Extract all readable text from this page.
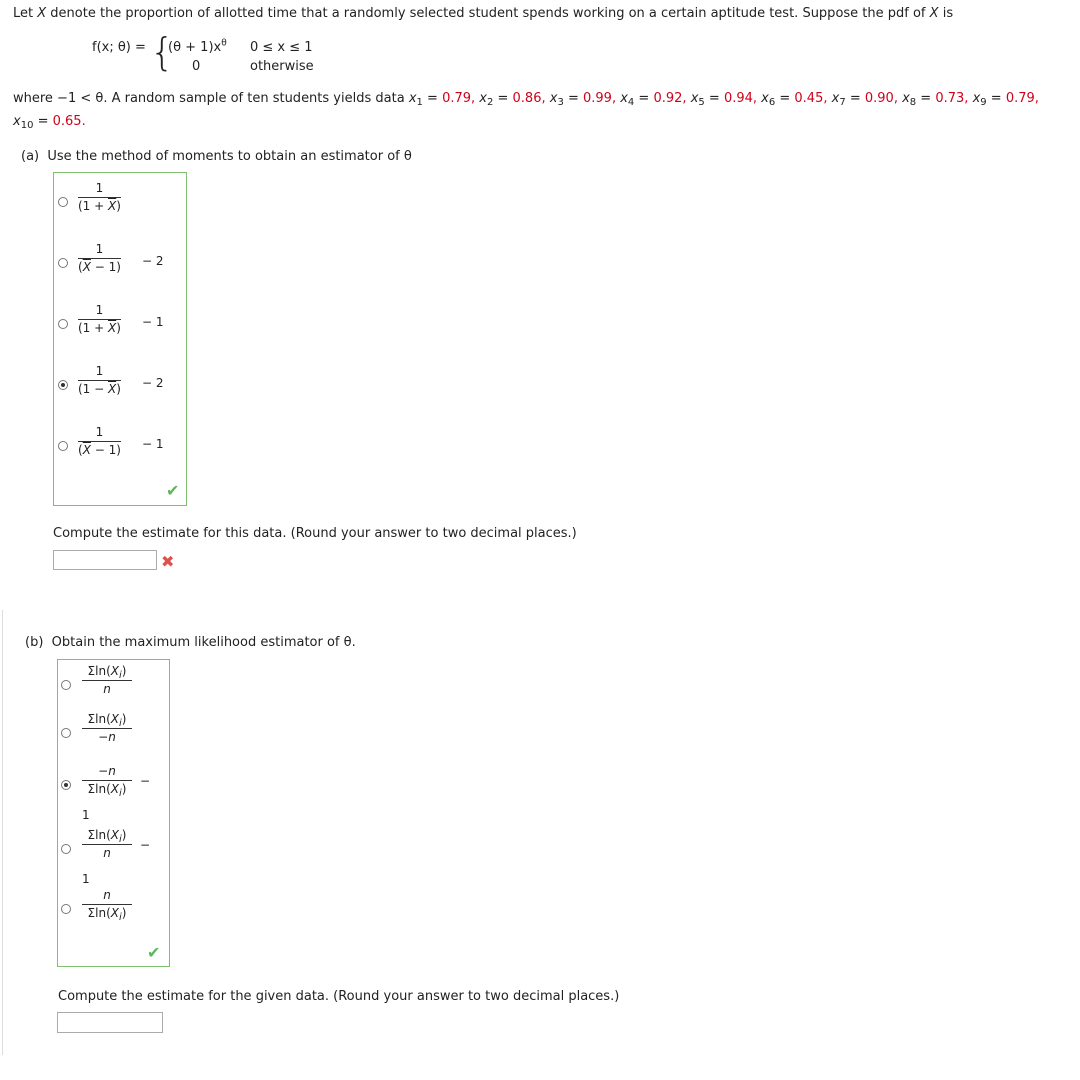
Let X denote the proportion of allotted time that a randomly selected student spends working on a certain aptitude test. Suppose the pdf of X is
f(x; θ) = {
$(\theta + 1)x^\theta$ 0 ≤ x ≤ 1
0	otherwise
where −1 < θ. A random sample of ten students yields data $x_1 = 0.79$, $x_2 = 0.86$, $x_3 = 0.99$, $x_4 = 0.92$, $x_5 = 0.94$, $x_6 = 0.45$, $x_7 = 0.90$, $x_8 = 0.73$, $x_9 = 0.79$,
$x_{10} = 0.65$.
(a) Use the method of moments to obtain an estimator of θ
1
$(1 + \overline{X})$
1
$(\overline{X} - 1) - 2$
1
$(1 + \overline{X}) - 1$
1
$(1 - \overline{X}) - 2$
1
$(\overline{X} - 1) - 1$
✔
Compute the estimate for this data. (Round your answer to two decimal places.)
✖
(b) Obtain the maximum likelihood estimator of θ.
$\Sigma\ln(X_i)$
n
$\Sigma\ln(X_i)$
−n
−n
$\Sigma\ln(X_i)$
−
1
$\Sigma\ln(X_i)$
n
−
1
n
$\Sigma\ln(X_i)$
✔
Compute the estimate for the given data. (Round your answer to two decimal places.)
